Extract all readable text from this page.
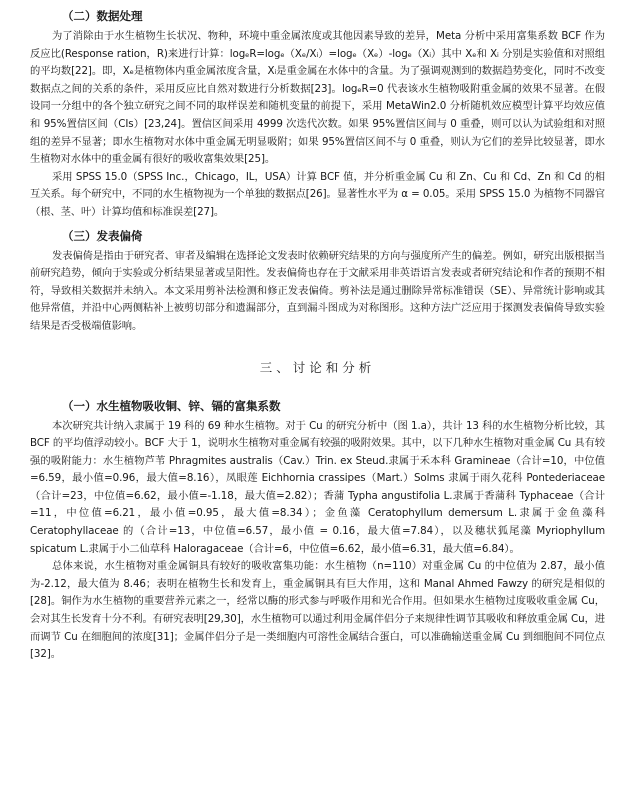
（二）数据处理

为了消除由于水生植物生长状况、物种，环境中重金属浓度或其他因素导致的差异，Meta 分析中采用富集系数 BCF 作为反应比(Response ration，R)来进行计算：logₑR=logₑ（Xₑ/Xᵢ）=logₑ（Xₑ）-logₑ（Xᵢ）其中 Xₑ和 Xᵢ 分别是实验值和对照组的平均数[22]。即，Xₑ是植物体内重金属浓度含量，Xᵢ是重金属在水体中的含量。为了强调观测到的数据趋势变化，同时不改变数据点之间的关系的条件，采用反应比自然对数进行分析数据[23]。logₑR=0 代表该水生植物吸附重金属的效果不显著。在假设同一分组中的各个独立研究之间不同的取样误差和随机变量的前提下，采用 MetaWin2.0 分析随机效应模型计算平均效应值和 95%置信区间（CIs）[23,24]。置信区间采用 4999 次迭代次数。如果 95%置信区间与 0 重叠，则可以认为试验组和对照组的差异不显著；即水生植物对水体中重金属无明显吸附；如果 95%置信区间不与 0 重叠，则认为它们的差异比较显著，即水生植物对水体中的重金属有很好的吸收富集效果[25]。

采用 SPSS 15.0（SPSS Inc.，Chicago，IL，USA）计算 BCF 值，并分析重金属 Cu 和 Zn、Cu 和 Cd、Zn 和 Cd 的相互关系。每个研究中，不同的水生植物视为一个单独的数据点[26]。显著性水平为 α = 0.05。采用 SPSS 15.0 为植物不同器官（根、茎、叶）计算均值和标准误差[27]。

（三）发表偏倚

发表偏倚是指由于研究者、审者及编辑在选择论文发表时依赖研究结果的方向与强度所产生的偏差。例如，研究出版根据当前研究趋势，倾向于实验或分析结果显著或呈阳性。发表偏倚也存在于文献采用非英语语言发表或者研究结论和作者的预期不相符，导致相关数据并未纳入。本文采用剪补法检测和修正发表偏倚。剪补法是通过删除异常标准错误（SE）、异常统计影响或其他异常值，并沿中心两侧粘补上被剪切部分和遗漏部分，直到漏斗图成为对称图形。这种方法广泛应用于探测发表偏倚导致实验结果是否受极端值影响。

三、讨论和分析
（一）水生植物吸收铜、锌、镉的富集系数

本次研究共计纳入隶属于 19 科的 69 种水生植物。对于 Cu 的研究分析中（图 1.a），共计 13 科的水生植物分析比较，其 BCF 的平均值浮动较小。BCF 大于 1，说明水生植物对重金属有较强的吸附效果。其中，以下几种水生植物对重金属 Cu 具有较强的吸附能力：水生植物芦苇 Phragmites australis（Cav.）Trin. ex Steud.隶属于禾本科 Gramineae（合计=10，中位值=6.59，最小值=0.96，最大值=8.16），凤眼莲 Eichhornia crassipes（Mart.）Solms 隶属于雨久花科 Pontederiaceae（合计=23，中位值=6.62，最小值=-1.18，最大值=2.82）；香蒲 Typha angustifolia L.隶属于香蒲科 Typhaceae（合计=11，中位值=6.21，最小值=0.95，最大值=8.34）；金鱼藻 Ceratophyllum demersum L.隶属于金鱼藻科 Ceratophyllaceae 的（合计=13，中位值=6.57，最小值 = 0.16，最大值=7.84），以及穗状狐尾藻 Myriophyllum spicatum L.隶属于小二仙草科 Haloragaceae（合计=6，中位值=6.62，最小值=6.31，最大值=6.84）。

总体来说，水生植物对重金属铜具有较好的吸收富集功能：水生植物（n=110）对重金属 Cu 的中位值为 2.87，最小值为-2.12，最大值为 8.46；表明在植物生长和发育上，重金属铜具有巨大作用，这和 Manal Ahmed Fawzy 的研究是相似的[28]。铜作为水生植物的重要营养元素之一，经常以酶的形式参与呼吸作用和光合作用。但如果水生植物过度吸收重金属 Cu，会对其生长发育十分不利。有研究表明[29,30]，水生植物可以通过利用金属伴侣分子来规律性调节其吸收和释放重金属 Cu，进而调节 Cu 在细胞间的浓度[31]；金属伴侣分子是一类细胞内可溶性金属结合蛋白，可以准确输送重金属 Cu 到细胞间不同位点[32]。
